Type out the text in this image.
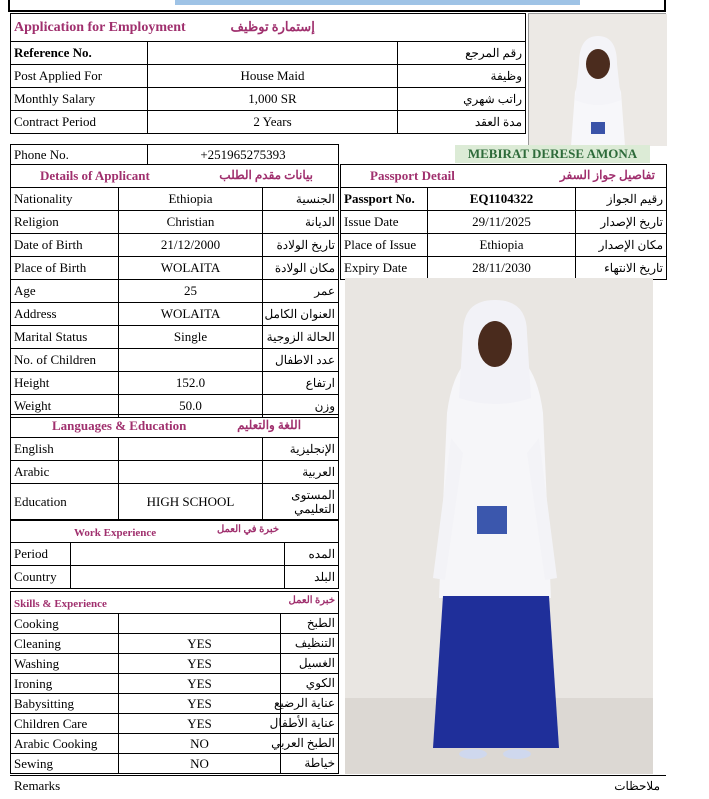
Application for Employment إستمارة توظيف		

Reference No.		رقم المرجع
Post Applied For	House Maid	وظيفة
Monthly Salary	1,000 SR	راتب شهري
Contract Period	2 Years	مدة العقد
Phone No.	+251965275393	MEBIRAT DERESE AMONA
Details of Applicant بيانات مقدم الطلب		

Nationality	Ethiopia	الجنسية
Religion	Christian	الديانة
Date of Birth	21/12/2000	تاريخ الولادة
Place of Birth	WOLAITA	مكان الولادة
Age	25	عمر
Address	WOLAITA	العنوان الكامل
Marital Status	Single	الحالة الزوجية
No. of Children		عدد الاطفال
Height	152.0	ارتفاع
Weight	50.0	وزن
Passport Detail تفاصيل جواز السفر		

Passport No.	EQ1104322	رقيم الجواز
Issue Date	29/11/2025	تاريخ الإصدار
Place of Issue	Ethiopia	مكان الإصدار
Expiry Date	28/11/2030	تاريخ الانتهاء
Languages & Education اللغة والتعليم		

English		الإنجليزية
Arabic		العربية
Education	HIGH SCHOOL	المستوى التعليمي
Work Experience خبرة في العمل		

Period		المده
Country		البلد
Skills & Experience خبرة العمل		

Cooking		الطبخ
Cleaning	YES	التنظيف
Washing	YES	الغسيل
Ironing	YES	الكوي
Babysitting	YES	عناية الرضيع
Children Care	YES	عناية الأطفال
Arabic Cooking	NO	الطبخ العربي
Sewing	NO	خياطة
Remarks	ملاحظات
